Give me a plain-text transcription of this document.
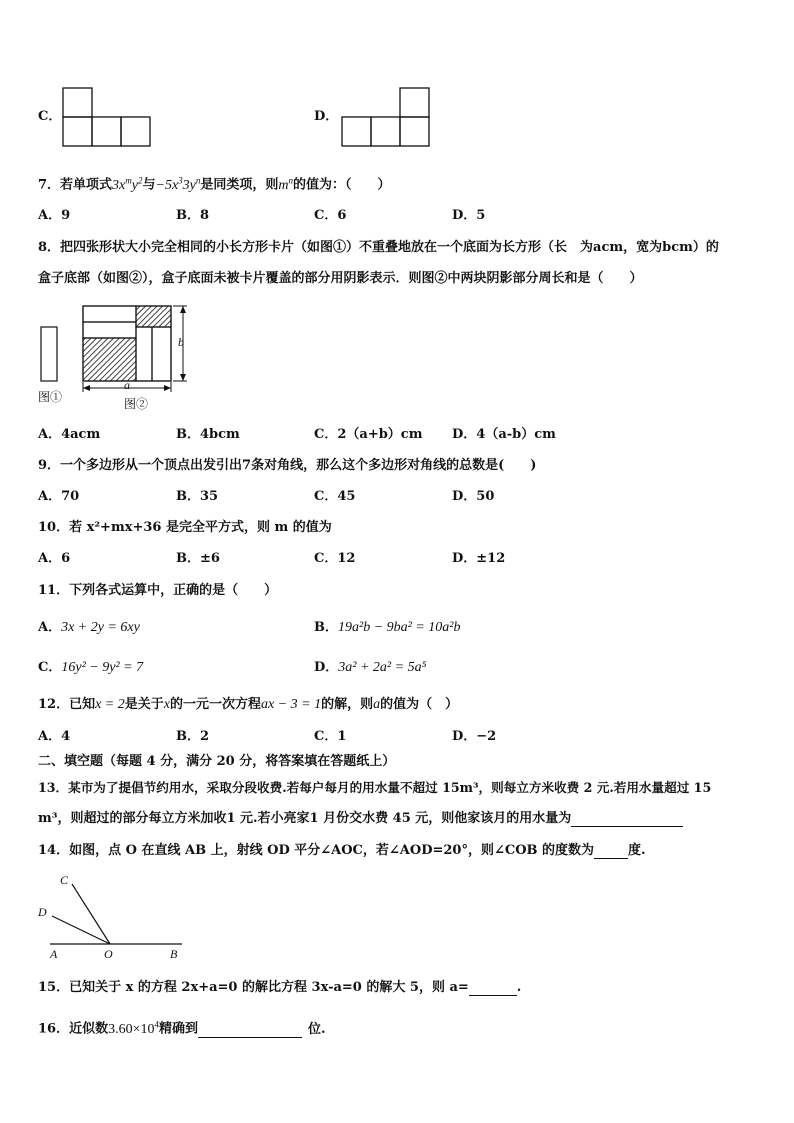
C．	D．
7．若单项式$3x^my^2$与$-5x^33y^n$是同类项，则$m^n$的值为：（　　）
A．9	B．8	C．6	D．5
8．把四张形状大小完全相同的小长方形卡片（如图①）不重叠地放在一个底面为长方形（长　为acm，宽为bcm）的
盒子底部（如图②），盒子底面未被卡片覆盖的部分用阴影表示．则图②中两块阴影部分周长和是（　　）
b
a
图①	图②
A．4acm	B．4bcm	C．2（a+b）cm D．4（a-b）cm
9．一个多边形从一个顶点出发引出7条对角线，那么这个多边形对角线的总数是(　　)
A．70	B．35	C．45	D．50
10．若 x²+mx+36 是完全平方式，则 m 的值为
A．6	B．±6	C．12	D．±12
11．下列各式运算中，正确的是（　　）
A．3x + 2y = 6xy	B．19a²b − 9ba² = 10a²b
C．16y² − 9y² = 7	D．3a² + 2a² = 5a⁵
12．已知x = 2是关于x的一元一次方程ax − 3 = 1的解，则a的值为（　）
A．4	B．2	C．1	D．−2
二、填空题（每题 4 分，满分 20 分，将答案填在答题纸上）
13．某市为了提倡节约用水，采取分段收费.若每户每月的用水量不超过 15m³，则每立方米收费 2 元.若用水量超过 15
m³，则超过的部分每立方米加收1 元.若小亮家1 月份交水费 45 元，则他家该月的用水量为
14．如图，点 O 在直线 AB 上，射线 OD 平分∠AOC，若∠AOD=20°，则∠COB 的度数为	度.
C
D
A	O	B
15．已知关于 x 的方程 2x+a=0 的解比方程 3x-a=0 的解大 5，则 a=	.
16．近似数$3.60\times 10^4$精确到	位.
